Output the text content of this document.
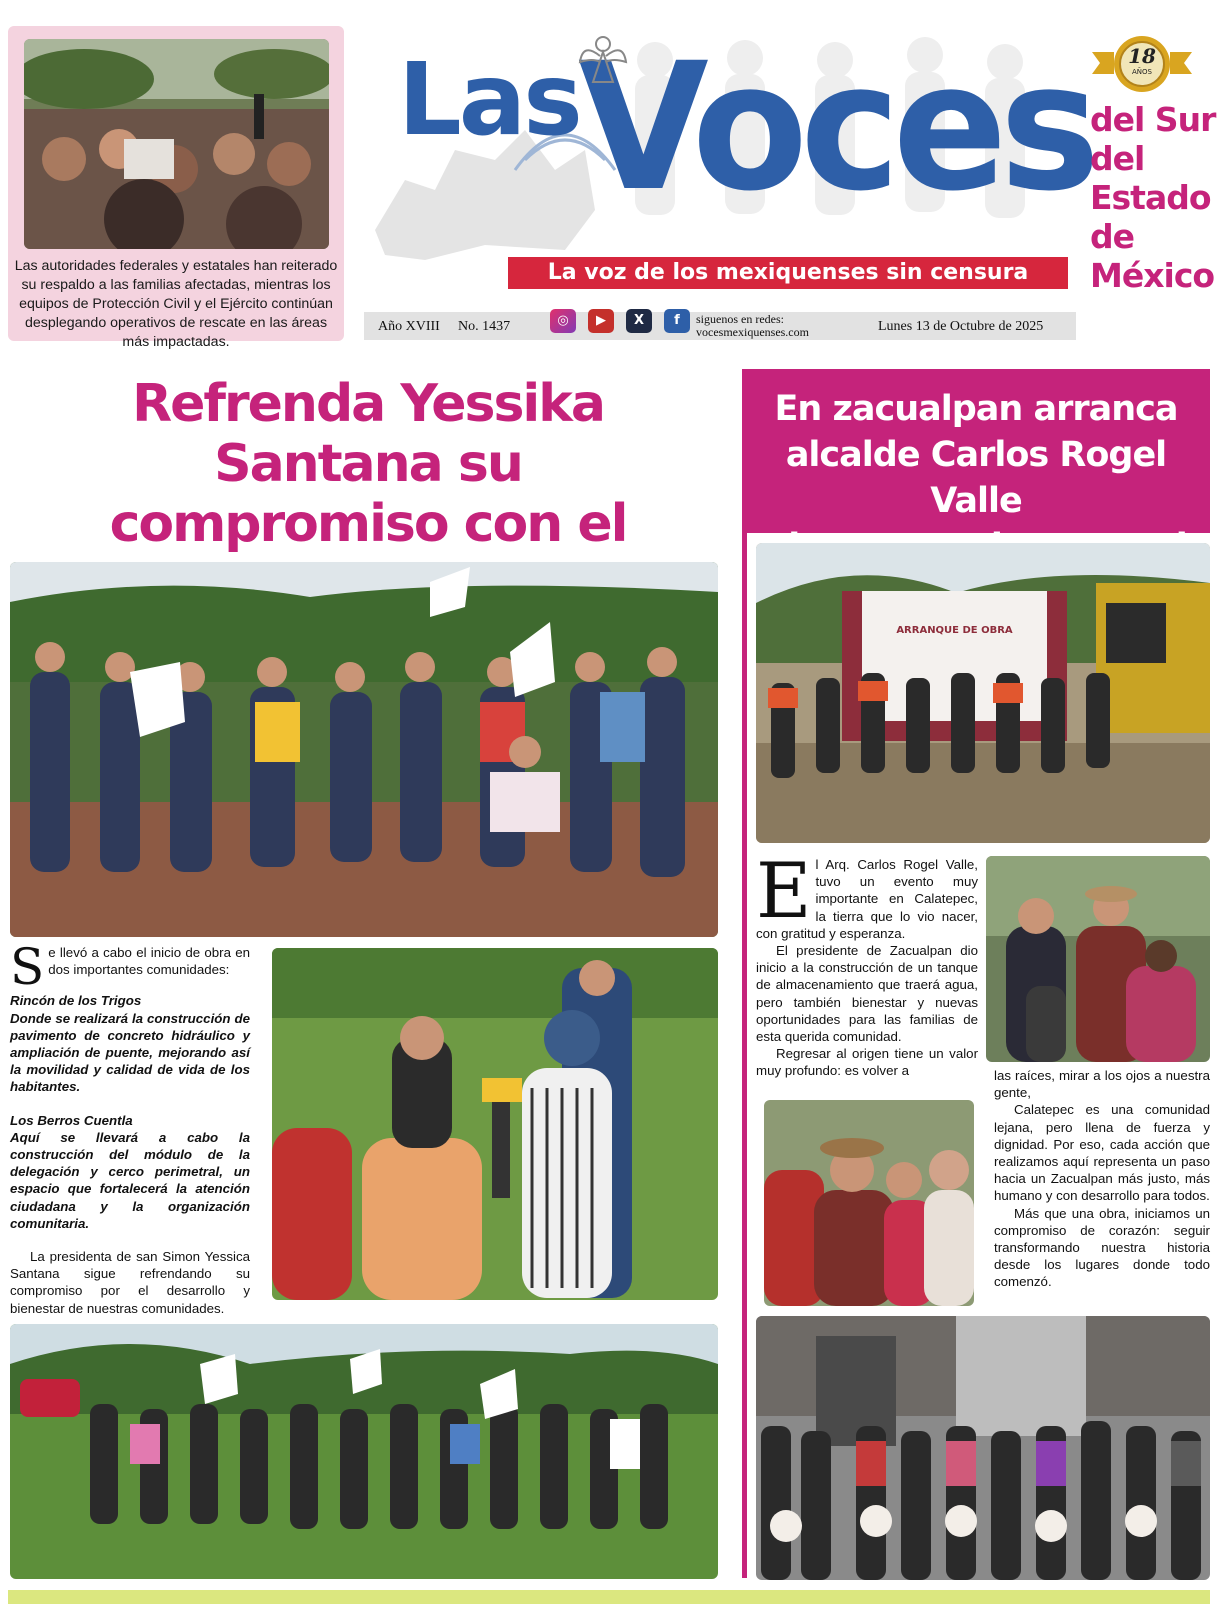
Las autoridades federales y estatales han reiterado su respaldo a las familias afectadas, mientras los equipos de Protección Civil y el Ejército continúan desplegando operativos de rescate en las áreas más impactadas.
Las
Voces	18
AÑOS
del Sur
del
Estado
de
México
La voz de los mexiquenses sin censura
Año XVIII No. 1437	◎	▶	X	f	siguenos en redes:
vocesmexiquenses.com	Lunes 13 de Octubre de 2025
Refrenda Yessika Santana su
compromiso con el

Se llevó a cabo el inicio de obra en dos importantes comunidades:

Rincón de los Trigos

Donde se realizará la construcción de pavimento de concreto hidráulico y ampliación de puente, mejorando así la movilidad y calidad de vida de los habitantes.

Los Berros Cuentla

Aquí se llevará a cabo la construcción del módulo de la delegación y cerco perimetral, un espacio que fortalecerá la atención ciudadana y la organización comunitaria.

La presidenta de san Simon Yessica Santana sigue refrendando su compromiso por el desarrollo y bienestar de nuestras comunidades.

En zacualpan arranca
alcalde Carlos Rogel Valle
ARRANQUE DE OBRA

El Arq. Carlos Rogel Valle, tuvo un evento muy importante en Calatepec, la tierra que lo vio nacer, con gratitud y esperanza.

El presidente de Zacualpan dio inicio a la construcción de un tanque de almacenamiento que traerá agua, pero también bienestar y nuevas oportunidades para las familias de esta querida comunidad.

Regresar al origen tiene un valor muy profundo: es volver a	las raíces, mirar a los ojos a nuestra gente,

Calatepec es una comunidad lejana, pero llena de fuerza y dignidad. Por eso, cada acción que realizamos aquí representa un paso hacia un Zacualpan más justo, más humano y con desarrollo para todos.

Más que una obra, iniciamos un compromiso de corazón: seguir transformando nuestra historia desde los lugares donde todo comenzó.
